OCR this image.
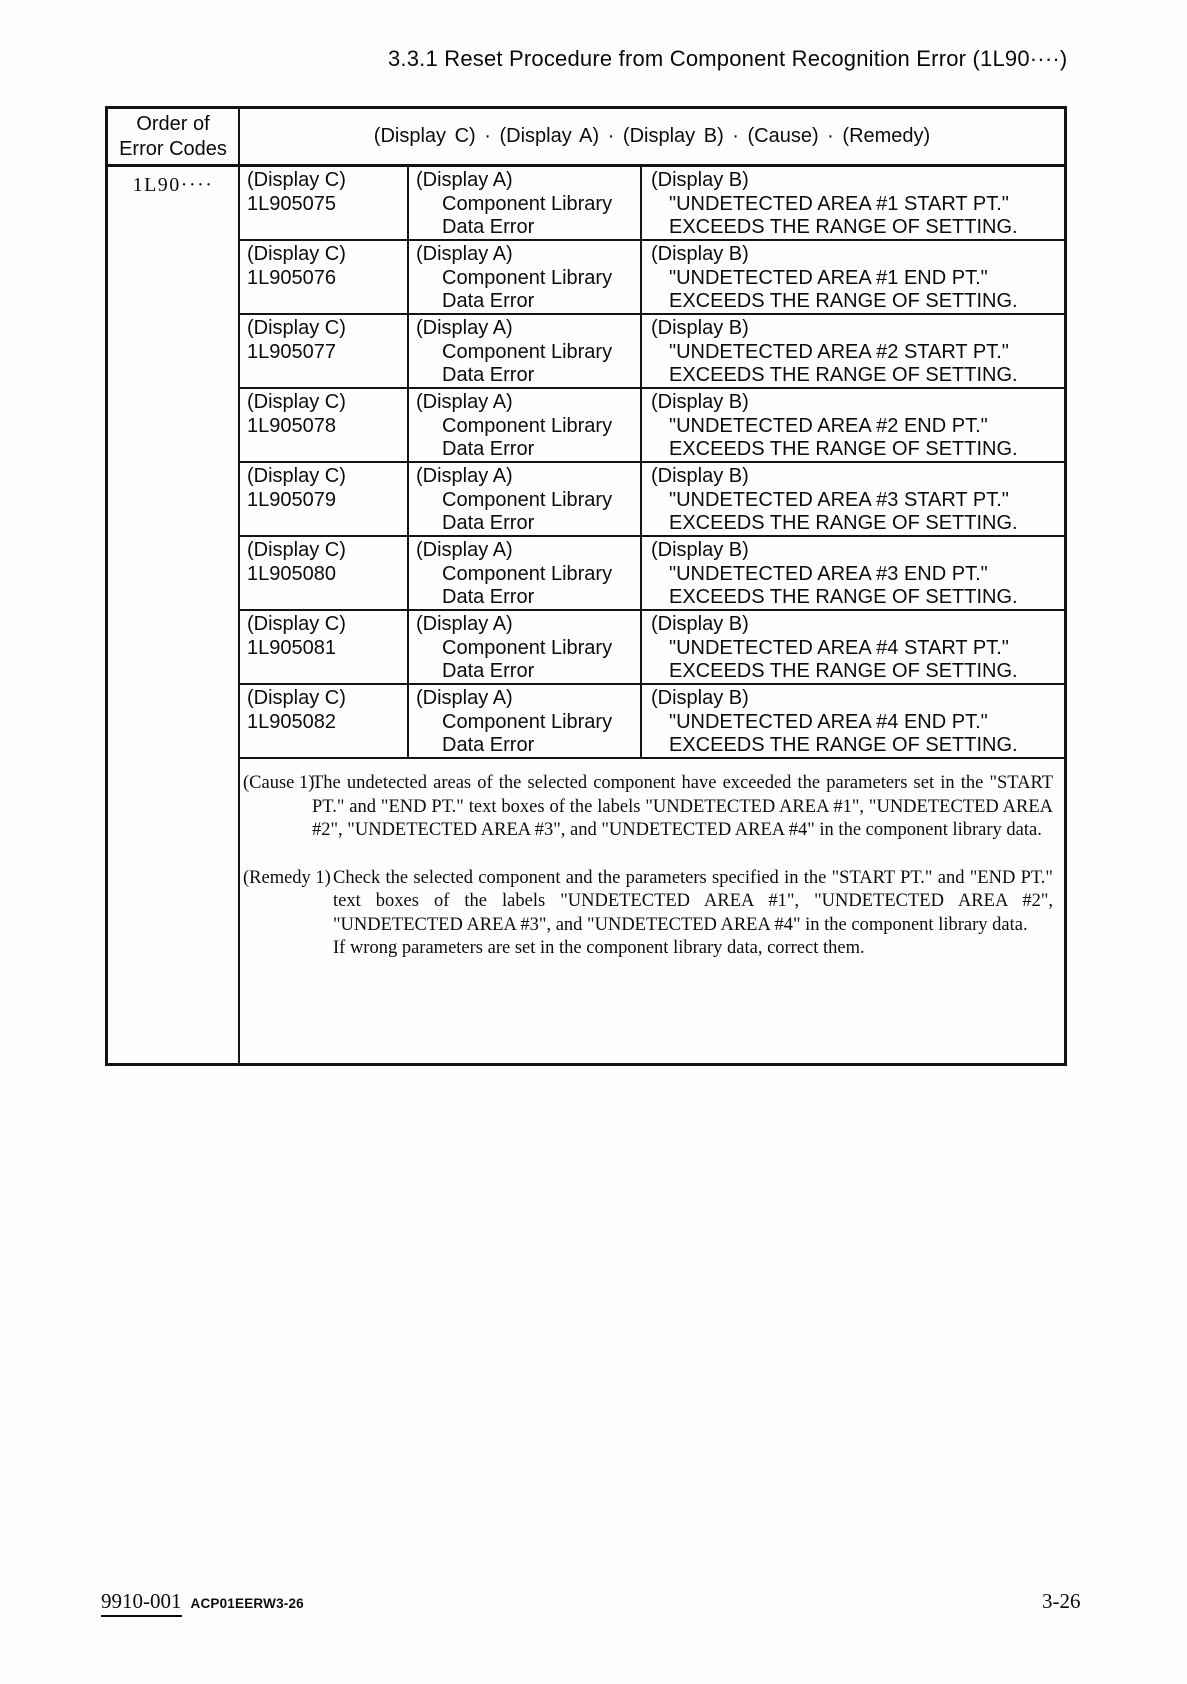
3.3.1 Reset Procedure from Component Recognition Error (1L90····)
Order of
Error Codes
(Display C) · (Display A) · (Display B) · (Cause) · (Remedy)
1L90····	(Display C)
1L905075
(Display A)
Component Library
Data Error
(Display B)
"UNDETECTED AREA #1 START PT."
EXCEEDS THE RANGE OF SETTING.
(Display C)
1L905076
(Display A)
Component Library
Data Error
(Display B)
"UNDETECTED AREA #1 END PT."
EXCEEDS THE RANGE OF SETTING.
(Display C)
1L905077
(Display A)
Component Library
Data Error
(Display B)
"UNDETECTED AREA #2 START PT."
EXCEEDS THE RANGE OF SETTING.
(Display C)
1L905078
(Display A)
Component Library
Data Error
(Display B)
"UNDETECTED AREA #2 END PT."
EXCEEDS THE RANGE OF SETTING.
(Display C)
1L905079
(Display A)
Component Library
Data Error
(Display B)
"UNDETECTED AREA #3 START PT."
EXCEEDS THE RANGE OF SETTING.
(Display C)
1L905080
(Display A)
Component Library
Data Error
(Display B)
"UNDETECTED AREA #3 END PT."
EXCEEDS THE RANGE OF SETTING.
(Display C)
1L905081
(Display A)
Component Library
Data Error
(Display B)
"UNDETECTED AREA #4 START PT."
EXCEEDS THE RANGE OF SETTING.
(Display C)
1L905082
(Display A)
Component Library
Data Error
(Display B)
"UNDETECTED AREA #4 END PT."
EXCEEDS THE RANGE OF SETTING.
(Cause 1)

The undetected areas of the selected component have exceeded the parameters set in the "START PT." and "END PT." text boxes of the labels "UNDETECTED AREA #1", "UNDETECTED AREA #2", "UNDETECTED AREA #3", and "UNDETECTED AREA #4" in the component library data.

(Remedy 1) Check the selected component and the parameters specified in the "START PT." and "END PT." text boxes of the labels "UNDETECTED AREA #1", "UNDETECTED AREA #2", "UNDETECTED AREA #3", and "UNDETECTED AREA #4" in the component library data.

If wrong parameters are set in the component library data, correct them.

9910-001 ACP01EERW3-26	3-26
